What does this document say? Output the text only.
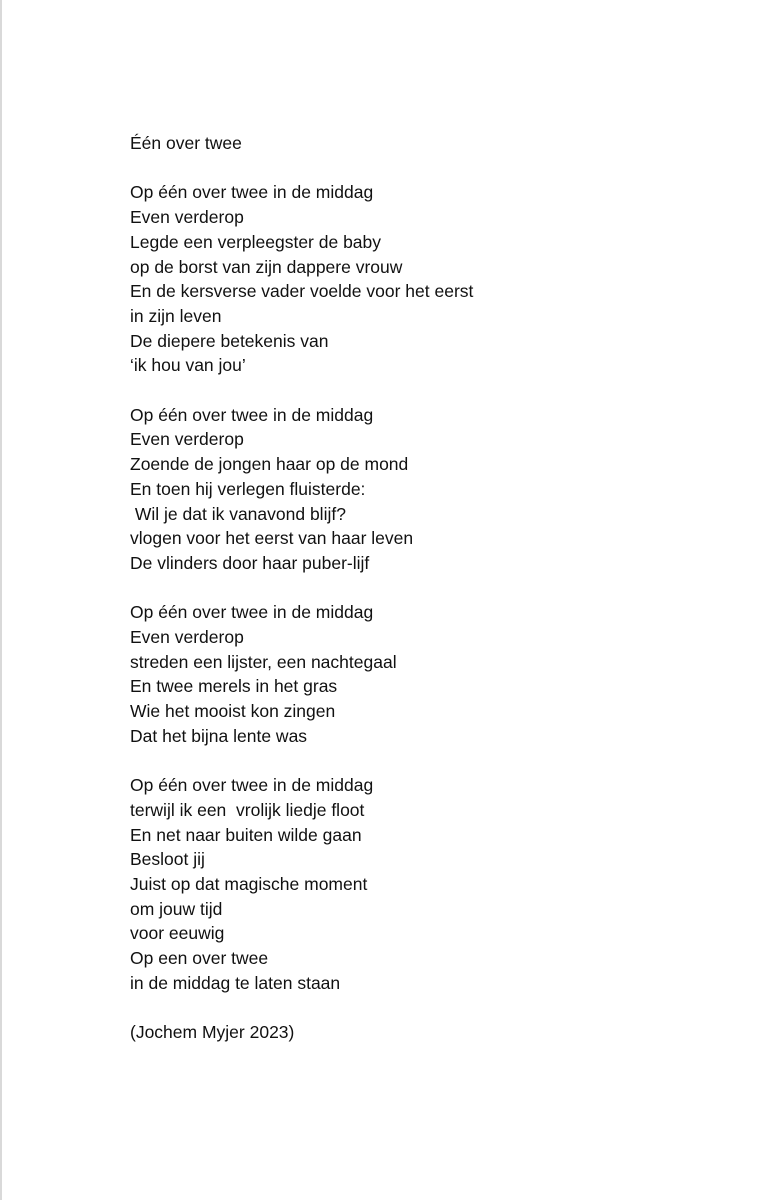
Één over twee
Op één over twee in de middag
Even verderop
Legde een verpleegster de baby
op de borst van zijn dappere vrouw
En de kersverse vader voelde voor het eerst
in zijn leven
De diepere betekenis van
‘ik hou van jou’
Op één over twee in de middag
Even verderop
Zoende de jongen haar op de mond
En toen hij verlegen fluisterde:
Wil je dat ik vanavond blijf?
vlogen voor het eerst van haar leven
De vlinders door haar puber-lijf
Op één over twee in de middag
Even verderop
streden een lijster, een nachtegaal
En twee merels in het gras
Wie het mooist kon zingen
Dat het bijna lente was
Op één over twee in de middag
terwijl ik een  vrolijk liedje floot
En net naar buiten wilde gaan
Besloot jij
Juist op dat magische moment
om jouw tijd
voor eeuwig
Op een over twee
in de middag te laten staan
(Jochem Myjer 2023)
